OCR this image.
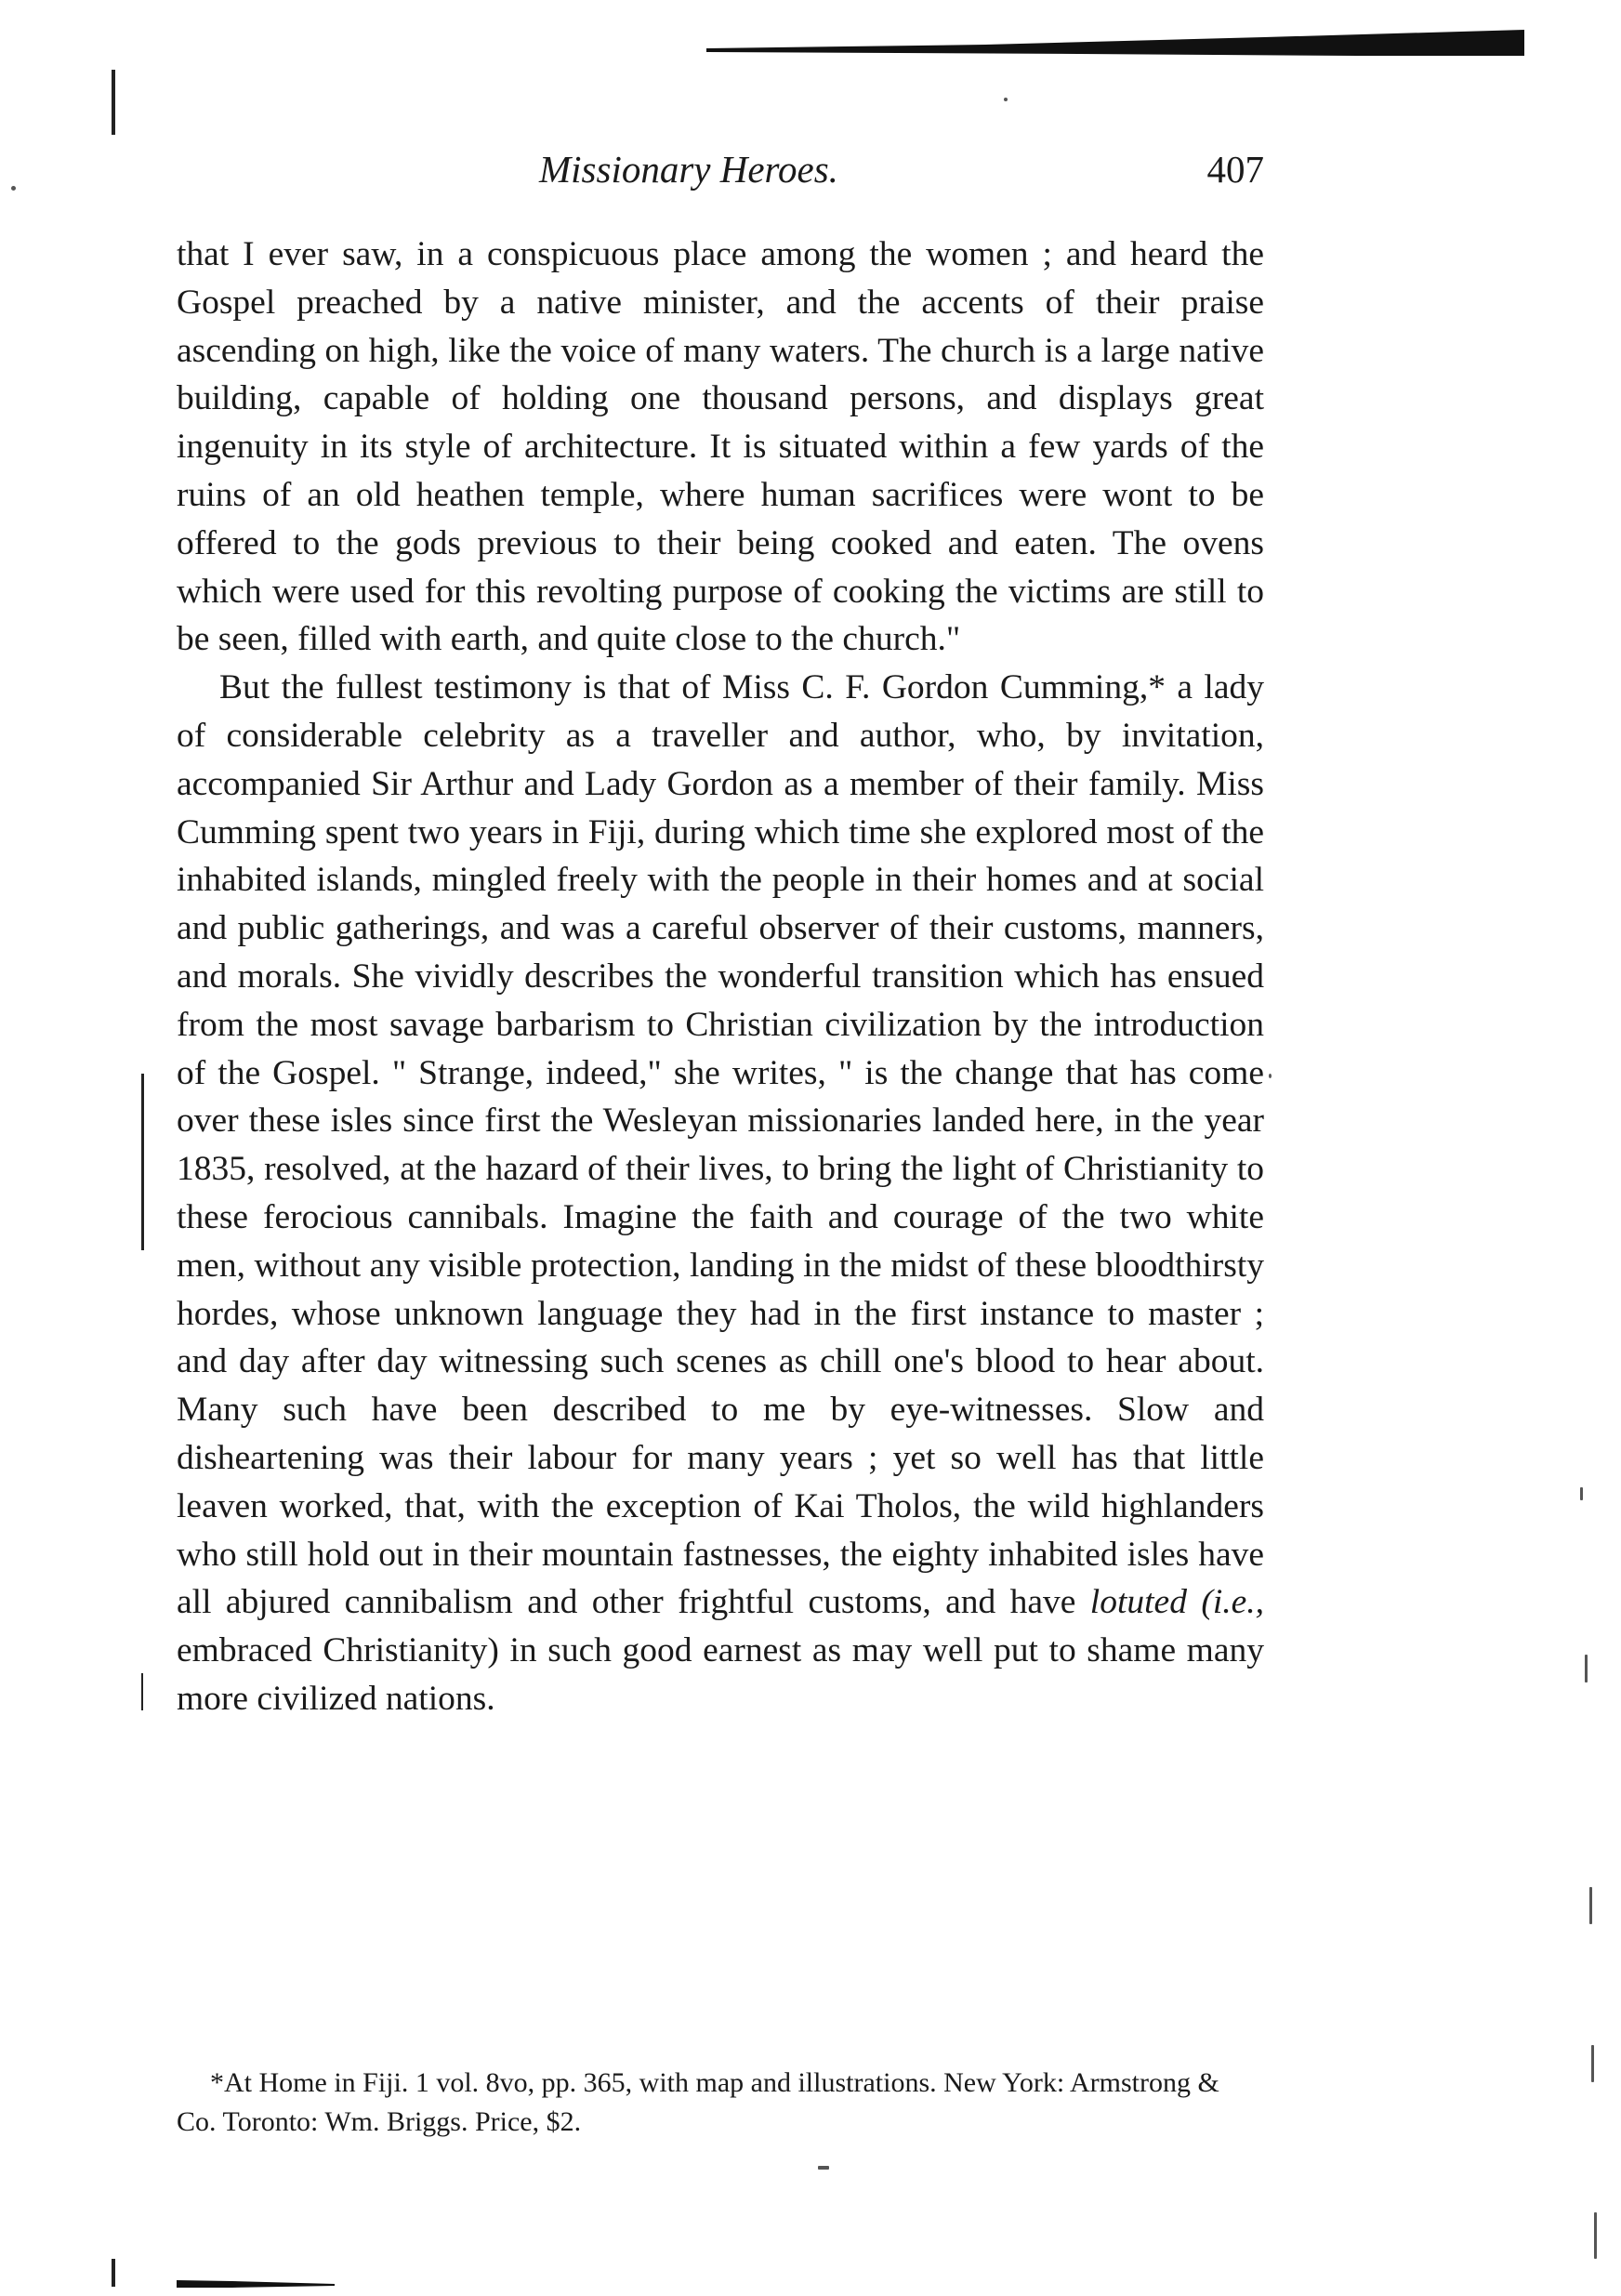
Missionary Heroes.	407

that I ever saw, in a conspicuous place among the women ; and heard the Gospel preached by a native minister, and the accents of their praise ascending on high, like the voice of many waters. The church is a large native building, capable of holding one thousand persons, and displays great ingenuity in its style of architecture. It is situated within a few yards of the ruins of an old heathen temple, where human sacrifices were wont to be offered to the gods previous to their being cooked and eaten. The ovens which were used for this revolting purpose of cooking the victims are still to be seen, filled with earth, and quite close to the church."

But the fullest testimony is that of Miss C. F. Gordon Cumming,* a lady of considerable celebrity as a traveller and author, who, by invitation, accompanied Sir Arthur and Lady Gordon as a member of their family. Miss Cumming spent two years in Fiji, during which time she explored most of the inhabited islands, mingled freely with the people in their homes and at social and public gatherings, and was a careful observer of their customs, manners, and morals. She vividly describes the wonderful transition which has ensued from the most savage barbarism to Christian civilization by the introduction of the Gospel. " Strange, indeed," she writes, " is the change that has come over these isles since first the Wesleyan missionaries landed here, in the year 1835, resolved, at the hazard of their lives, to bring the light of Christianity to these ferocious cannibals. Imagine the faith and courage of the two white men, without any visible protection, landing in the midst of these bloodthirsty hordes, whose unknown language they had in the first instance to master ; and day after day witnessing such scenes as chill one's blood to hear about. Many such have been described to me by eye-witnesses. Slow and disheartening was their labour for many years ; yet so well has that little leaven worked, that, with the exception of Kai Tholos, the wild highlanders who still hold out in their mountain fastnesses, the eighty inhabited isles have all abjured cannibalism and other frightful customs, and have lotuted (i.e., embraced Christianity) in such good earnest as may well put to shame many more civilized nations.

*At Home in Fiji. 1 vol. 8vo, pp. 365, with map and illustrations. New York: Armstrong & Co. Toronto: Wm. Briggs. Price, $2.
